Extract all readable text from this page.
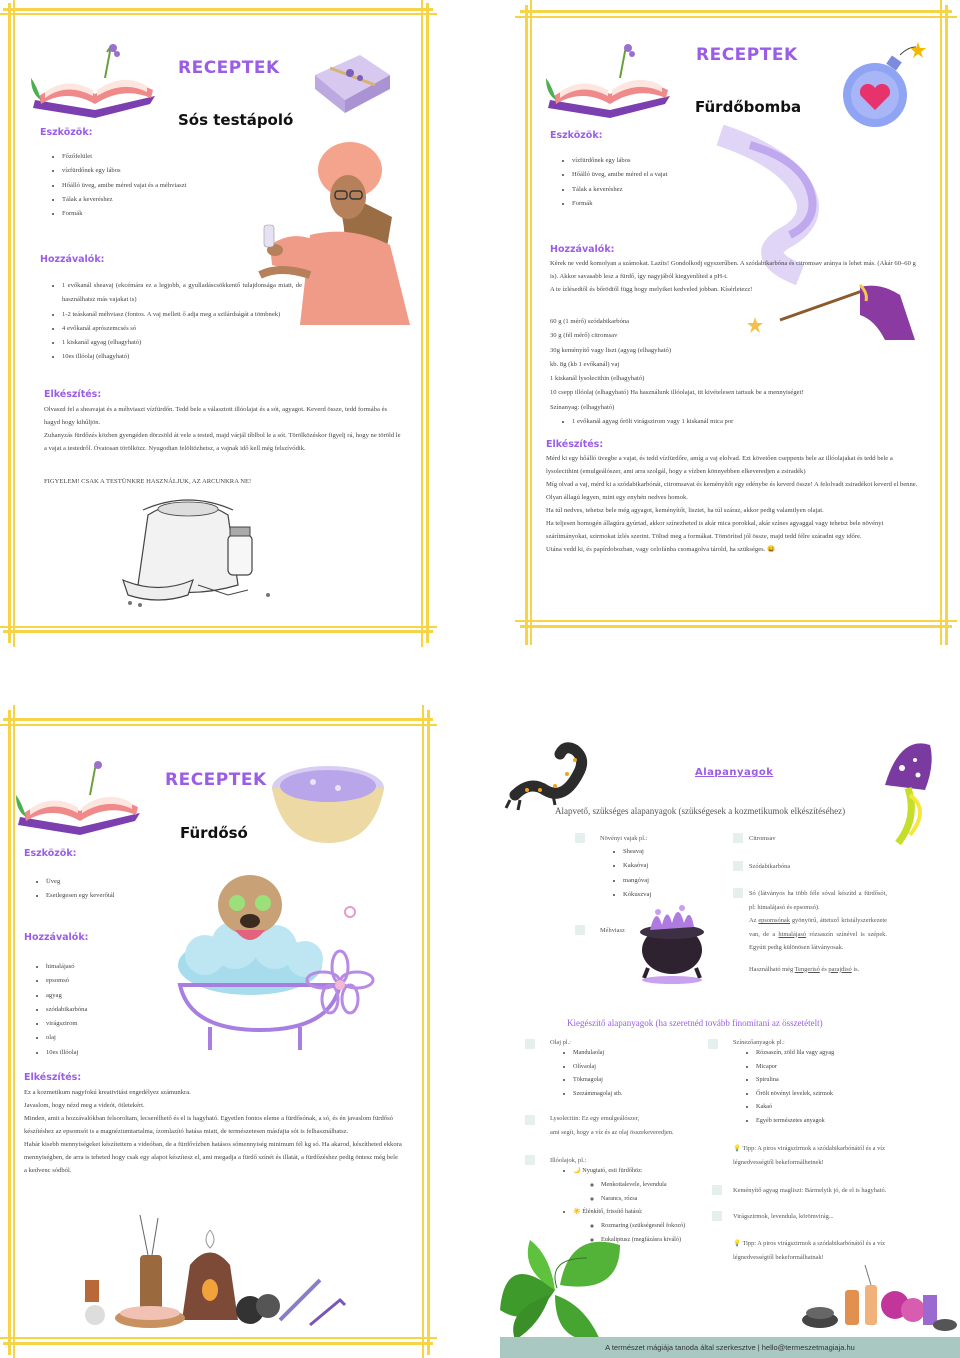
RECEPTEK
Sós testápoló
Eszközök:
• Főzőfelület
• vízfürdőnek egy lábos
• Hőálló üveg, amibe méred vajat és a méhviaszt
• Tálak a keveréshez
• Formák
Hozzávalók:
• 1 evőkanál sheavaj (ekcémára ez a legjobb, a gyulladáscsökkentő tulajdonsága miatt, de használhatsz más vajakat is)
• 1-2 teáskanál méhviasz (fontos. A vaj mellett ő adja meg a szilárdságát a tömbnek)
• 4 evőkanál aprószemcsés só
• 1 kiskanál agyag (elhagyható)
• 10es illóolaj (elhagyható)
Elkészítés:

Olvaszd fel a sheavajat és a méhviaszt vízfürdőn. Tedd bele a választott illóolajat és a sót, agyagot. Keverd össze, tedd formába és hagyd hogy kihűljön.

Zuhanyzás fürdőzés közben gyengéden dörzsöld át vele a tested, majd várjál tíblbol le a sót. Törölközéskor figyelj rá, hogy ne töröld le a vajat a testedről. Óvatosan törölközz. Nyugodtan felöltözhetsz, a vajnak idő kell még felszívódik.

FIGYELEM! CSAK A TESTÜNKRE HASZNÁLJUK, AZ ARCUNKRA NE!
RECEPTEK
Fürdőbomba
Eszközök:
• vízfürdőnek egy lábos
• Hőálló üveg, amibe méred el a vajat
• Tálak a keveréshez
• Formák
Hozzávalók:

Kérek ne vedd komolyan a számokat. Lazíts! Gondolkodj egyszerűben. A szódabikarbóna és citromsav aránya is lehet más. (Akár 60–60 g is). Akkor savasabb lesz a fürdő, így nagyjából kiegyenlíted a pH-t.

A te ízlésedtől és bőrödtől függ hogy melyiket kedveled jobban. Kísérletezz!

60 g (1 mérő) szódabikarbóna
30 g (fél mérő) citromsav
30g keményítő vagy liszt (agyag (elhagyható)
kb. 8g (kb 1 evőkanál) vaj
1 kiskanál lysolecithin (elhagyható)
10 csepp illóolaj (elhagyható) Ha használunk illóolajat, itt kivételesen tartsuk be a mennyiséget!
Színanyag: (elhagyható)
• 1 evőkanál agyag őrölt virágszirom vagy 1 kiskanál mica por
Elkészítés:

Mérd ki egy hőálló üvegbe a vajat, és tedd vízfürdőre, amíg a vaj elolvad. Ezt követően cseppents bele az illóolajakat és tedd bele a lysolecithint (emulgeálószer, ami arra szolgál, hogy a vízben könnyebben elkeveredjen a zsiradék)

Míg olvad a vaj, mérd ki a szódabikarbónát, citromsavat és keményítőt egy edénybe és keverd össze! A felolvadt zsiradékot keverd el benne. Olyan állagú legyen, mint egy enyhén nedves homok.

Ha túl nedves, tehetsz bele még agyagot, keményítőt, lisztet, ha túl száraz, akkor pedig valamilyen olajat.

Ha teljesen homogén állagúra gyúrtad, akkor színezheted is akár mica porokkal, akár színes agyaggal vagy tehetsz bele növényi szárítmányokat, szirmokat ízlés szerint. Töltsd meg a formákat. Tömörítsd jól össze, majd tedd félre száradni egy időre.

Utána vedd ki, és papírdobozban, vagy celofánba csomagolva tárold, ha szükséges. 😀

RECEPTEK
Fürdősó
Eszközök:
• Üveg
• Esetlegesen egy keverőtál
Hozzávalók:
• himalájasó
• epsomsó
• agyag
• szódabikarbóna
• virágszirom
• olaj
• 10es illóolaj
Elkészítés:

Ez a kozmetikum nagyfokú kreativitást engedélyez számunkra.

Javaslom, hogy nézd meg a videót, ötletekért.

Minden, amit a hozzávalókban felsoroltam, lecserélhető és el is hagyható. Egyetlen fontos eleme a fürdősónak, a só, és én javaslom fürdősó készítéshez az epsomsót is a magnéziumtartalma, ízomlazító hatása miatt, de természetesen másfajta sót is felhasználhatsz.

Habár kisebb mennyiségeket készítettem a videóban, de a fürdővízben hatásos sómennyiség minimum fél kg só. Ha akarod, készítheted ekkora mennyiségben, de arra is teheted hogy csak egy alapot készítesz el, ami megadja a fürdő színét és illatát, a fürdőzéshez pedig öntesz még bele a kedvenc sódból.

Alapanyagok
Alapvető, szükséges alapanyagok (szükségesek a kozmetikumok elkészítéséhez)
Növényi vajak pl.:
• Sheavaj
• Kakaóvaj
• mangóvaj
• Kókuszvaj
Méhviasz
Citromsav
Szódabikarbóna
Só (látványos ha több féle sóval készítd a fürdősót, pl: himalájasó és epsomsó).
Az epsomsónak gyönyörű, áttetsző kristályszerkezete van, de a himalájasó rózsaszín színével is szépek. Egyútt pedig különösen látványosak.
Használható még Tengerisó és parajdisó is.
Kiegészítő alapanyagok (ha szeretnéd tovább finomítani az összetételt)
Olaj pl.:
• Mandulaolaj
• Olívaolaj
• Tökmagolaj
• Szezámmagolaj stb.
Lysolecitin: Ez egy emulgeálószer,
ami segít, hogy a víz és az olaj összekeveredjen.
Illóolajok, pl.:
• 🌙 Nyugtató, esti fürdőhöz:
◦ Menkottalevele, levendula
◦ Narancs, rózsa
• ☀️ Élénkítő, frissítő hatású:
◦ Rozmaring (szükségesnél fokozó)
◦ Eukaliptusz (megfázásra kiváló)
Színezőanyagok pl.:
• Rózsaszín, zöld lila vagy agyag
• Micapor
• Spirulina
• Őrölt növényi levelek, szirmok
• Kakaó
• Egyéb természetes anyagok
💡 Tipp: A piros virágszirmok a szódabikarbónától és a víz légnedvességtől bekeformálhetnek!
Keményítő agyag magliszt: Bármelyik jó, de el is hagyható.
Virágszirmok, levendula, körömvirág...
💡 Tipp: A piros virágszirmok a szódabikarbónától és a víz légnedvességtől bekeformálhatnak!
A természet mágiája tanoda által szerkesztve | hello@termeszetmagiaja.hu
